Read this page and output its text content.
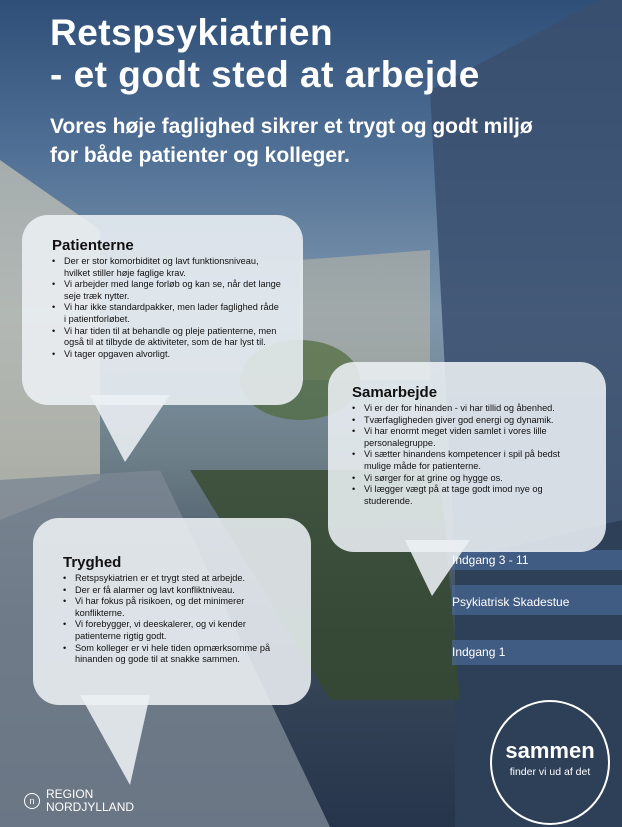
Retspsykiatrien
- et godt sted at arbejde
Vores høje faglighed sikrer et trygt og godt miljø
for både patienter og kolleger.
Indgang 3 - 11
Psykiatrisk Skadestue
Indgang 1
Patienterne
• Der er stor komorbiditet og lavt funktionsniveau, hvilket stiller høje faglige krav.
• Vi arbejder med lange forløb og kan se, når det lange seje træk nytter.
• Vi har ikke standardpakker, men lader faglighed råde i patientforløbet.
• Vi har tiden til at behandle og pleje patienterne, men også til at tilbyde de aktiviteter, som de har lyst til.
• Vi tager opgaven alvorligt.
Samarbejde
• Vi er der for hinanden - vi har tillid og åbenhed.
• Tværfagligheden giver god energi og dynamik.
• Vi har enormt meget viden samlet i vores lille personalegruppe.
• Vi sætter hinandens kompetencer i spil på bedst mulige måde for patienterne.
• Vi sørger for at grine og hygge os.
• Vi lægger vægt på at tage godt imod nye og studerende.
Tryghed
• Retspsykiatrien er et trygt sted at arbejde.
• Der er få alarmer og lavt konfliktniveau.
• Vi har fokus på risikoen, og det minimerer konflikterne.
• Vi forebygger, vi deeskalerer, og vi kender patienterne rigtig godt.
• Som kolleger er vi hele tiden opmærksomme på hinanden og gode til at snakke sammen.
n REGION
NORDJYLLAND
sammen
finder vi ud af det
